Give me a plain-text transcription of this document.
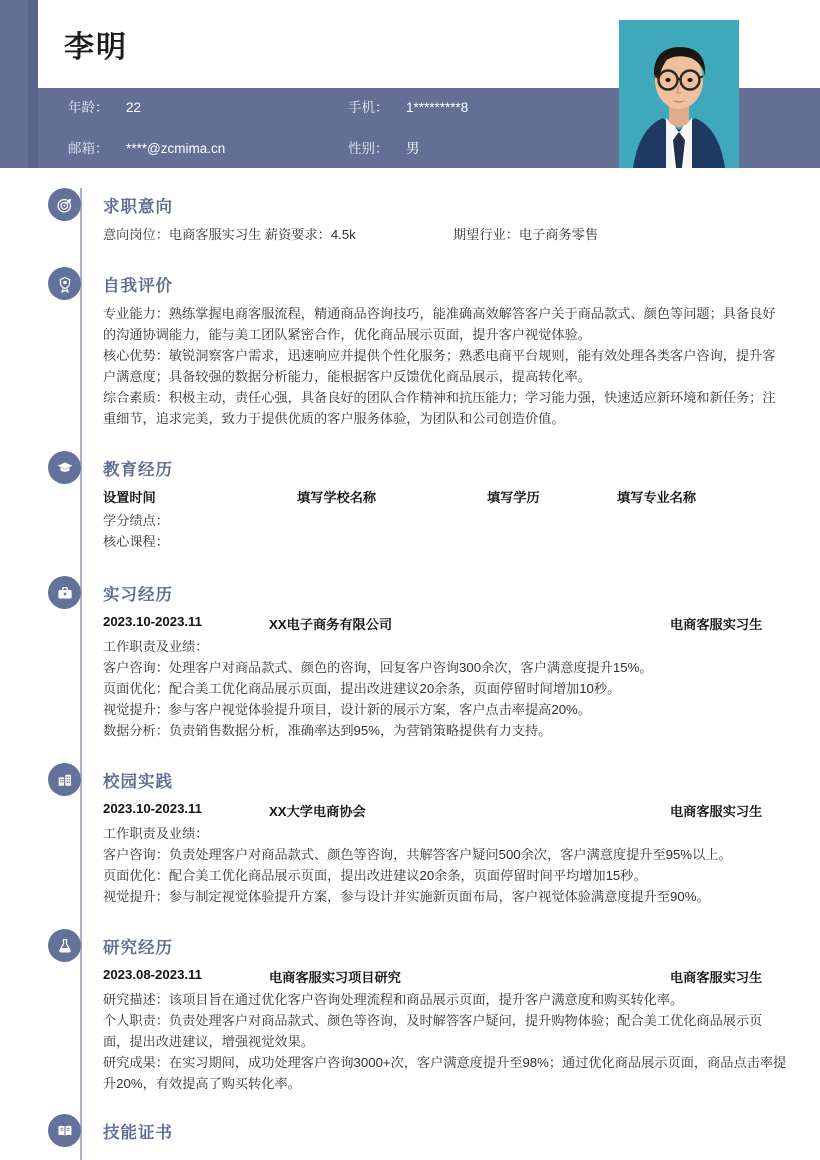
李明
年龄：	22	手机：	1*********8
邮箱：	****@zcmima.cn	性别：	男
求职意向
意向岗位：电商客服实习生 薪资要求：4.5k	期望行业：电子商务零售
自我评价
专业能力：熟练掌握电商客服流程，精通商品咨询技巧，能准确高效解答客户关于商品款式、颜色等问题；具备良好的沟通协调能力，能与美工团队紧密合作，优化商品展示页面，提升客户视觉体验。
核心优势：敏锐洞察客户需求，迅速响应并提供个性化服务；熟悉电商平台规则，能有效处理各类客户咨询，提升客户满意度；具备较强的数据分析能力，能根据客户反馈优化商品展示，提高转化率。
综合素质：积极主动，责任心强，具备良好的团队合作精神和抗压能力；学习能力强，快速适应新环境和新任务；注重细节，追求完美，致力于提供优质的客户服务体验，为团队和公司创造价值。
教育经历
设置时间	填写学校名称	填写学历	填写专业名称
学分绩点：
核心课程：
实习经历
2023.10-2023.11	XX电子商务有限公司	电商客服实习生
工作职责及业绩：
客户咨询：处理客户对商品款式、颜色的咨询，回复客户咨询300余次，客户满意度提升15%。
页面优化：配合美工优化商品展示页面，提出改进建议20余条，页面停留时间增加10秒。
视觉提升：参与客户视觉体验提升项目，设计新的展示方案，客户点击率提高20%。
数据分析：负责销售数据分析，准确率达到95%，为营销策略提供有力支持。
校园实践
2023.10-2023.11	XX大学电商协会	电商客服实习生
工作职责及业绩：
客户咨询：负责处理客户对商品款式、颜色等咨询，共解答客户疑问500余次，客户满意度提升至95%以上。
页面优化：配合美工优化商品展示页面，提出改进建议20余条，页面停留时间平均增加15秒。
视觉提升：参与制定视觉体验提升方案，参与设计并实施新页面布局，客户视觉体验满意度提升至90%。
研究经历
2023.08-2023.11	电商客服实习项目研究	电商客服实习生
研究描述：该项目旨在通过优化客户咨询处理流程和商品展示页面，提升客户满意度和购买转化率。
个人职责：负责处理客户对商品款式、颜色等咨询，及时解答客户疑问，提升购物体验；配合美工优化商品展示页面，提出改进建议，增强视觉效果。
研究成果：在实习期间，成功处理客户咨询3000+次，客户满意度提升至98%；通过优化商品展示页面，商品点击率提升20%，有效提高了购买转化率。
技能证书
